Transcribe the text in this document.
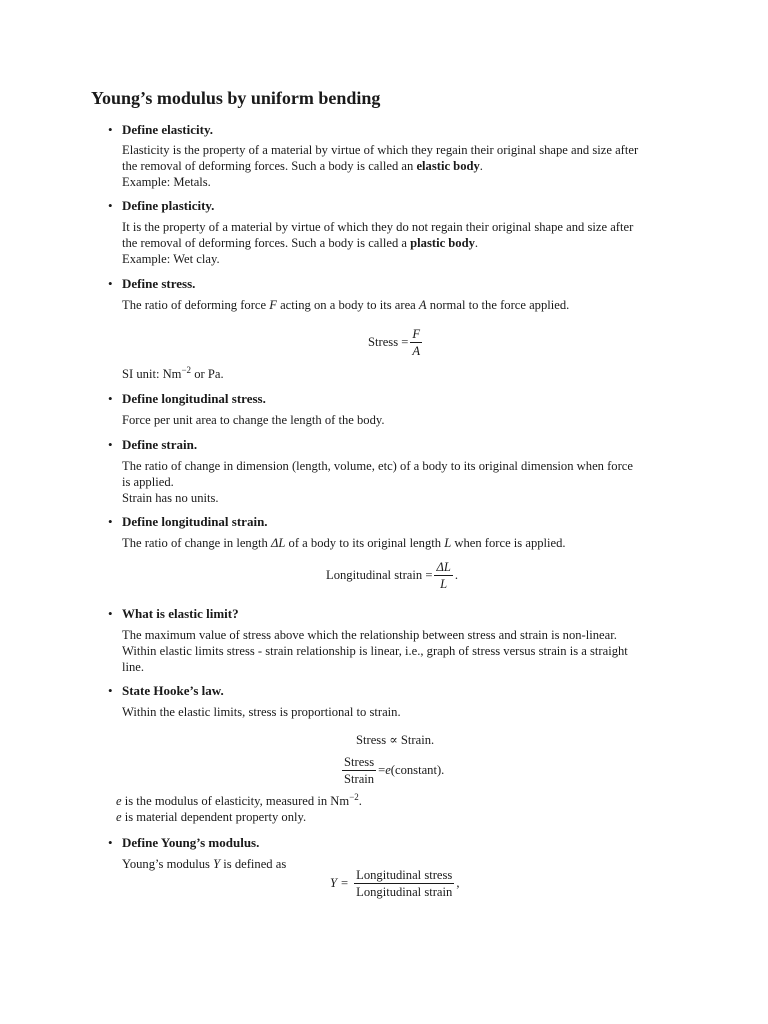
Young’s modulus by uniform bending
• Define elasticity.
Elasticity is the property of a material by virtue of which they regain their original shape and size after
the removal of deforming forces. Such a body is called an elastic body.
Example: Metals.
• Define plasticity.
It is the property of a material by virtue of which they do not regain their original shape and size after
the removal of deforming forces. Such a body is called a plastic body.
Example: Wet clay.
• Define stress.
The ratio of deforming force F acting on a body to its area A normal to the force applied.
Stress = $\frac{F}{A}$
SI unit: $Nm^{-2}$ or Pa.
• Define longitudinal stress.
Force per unit area to change the length of the body.
• Define strain.
The ratio of change in dimension (length, volume, etc) of a body to its original dimension when force
is applied.
Strain has no units.
• Define longitudinal strain.
The ratio of change in length ΔL of a body to its original length L when force is applied.
Longitudinal strain = $\frac{\Delta L}{L}$ .
• What is elastic limit?
The maximum value of stress above which the relationship between stress and strain is non-linear.
Within elastic limits stress - strain relationship is linear, i.e., graph of stress versus strain is a straight
line.
• State Hooke’s law.
Within the elastic limits, stress is proportional to strain.
Stress ∝ Strain.
$\frac{\text{Stress}}{\text{Strain}} = e$ (constant).
e is the modulus of elasticity, measured in $Nm^{-2}$.
e is material dependent property only.
• Define Young’s modulus.
Young’s modulus Y is defined as
$Y = \frac{\text{Longitudinal stress}}{\text{Longitudinal strain}}$ ,
